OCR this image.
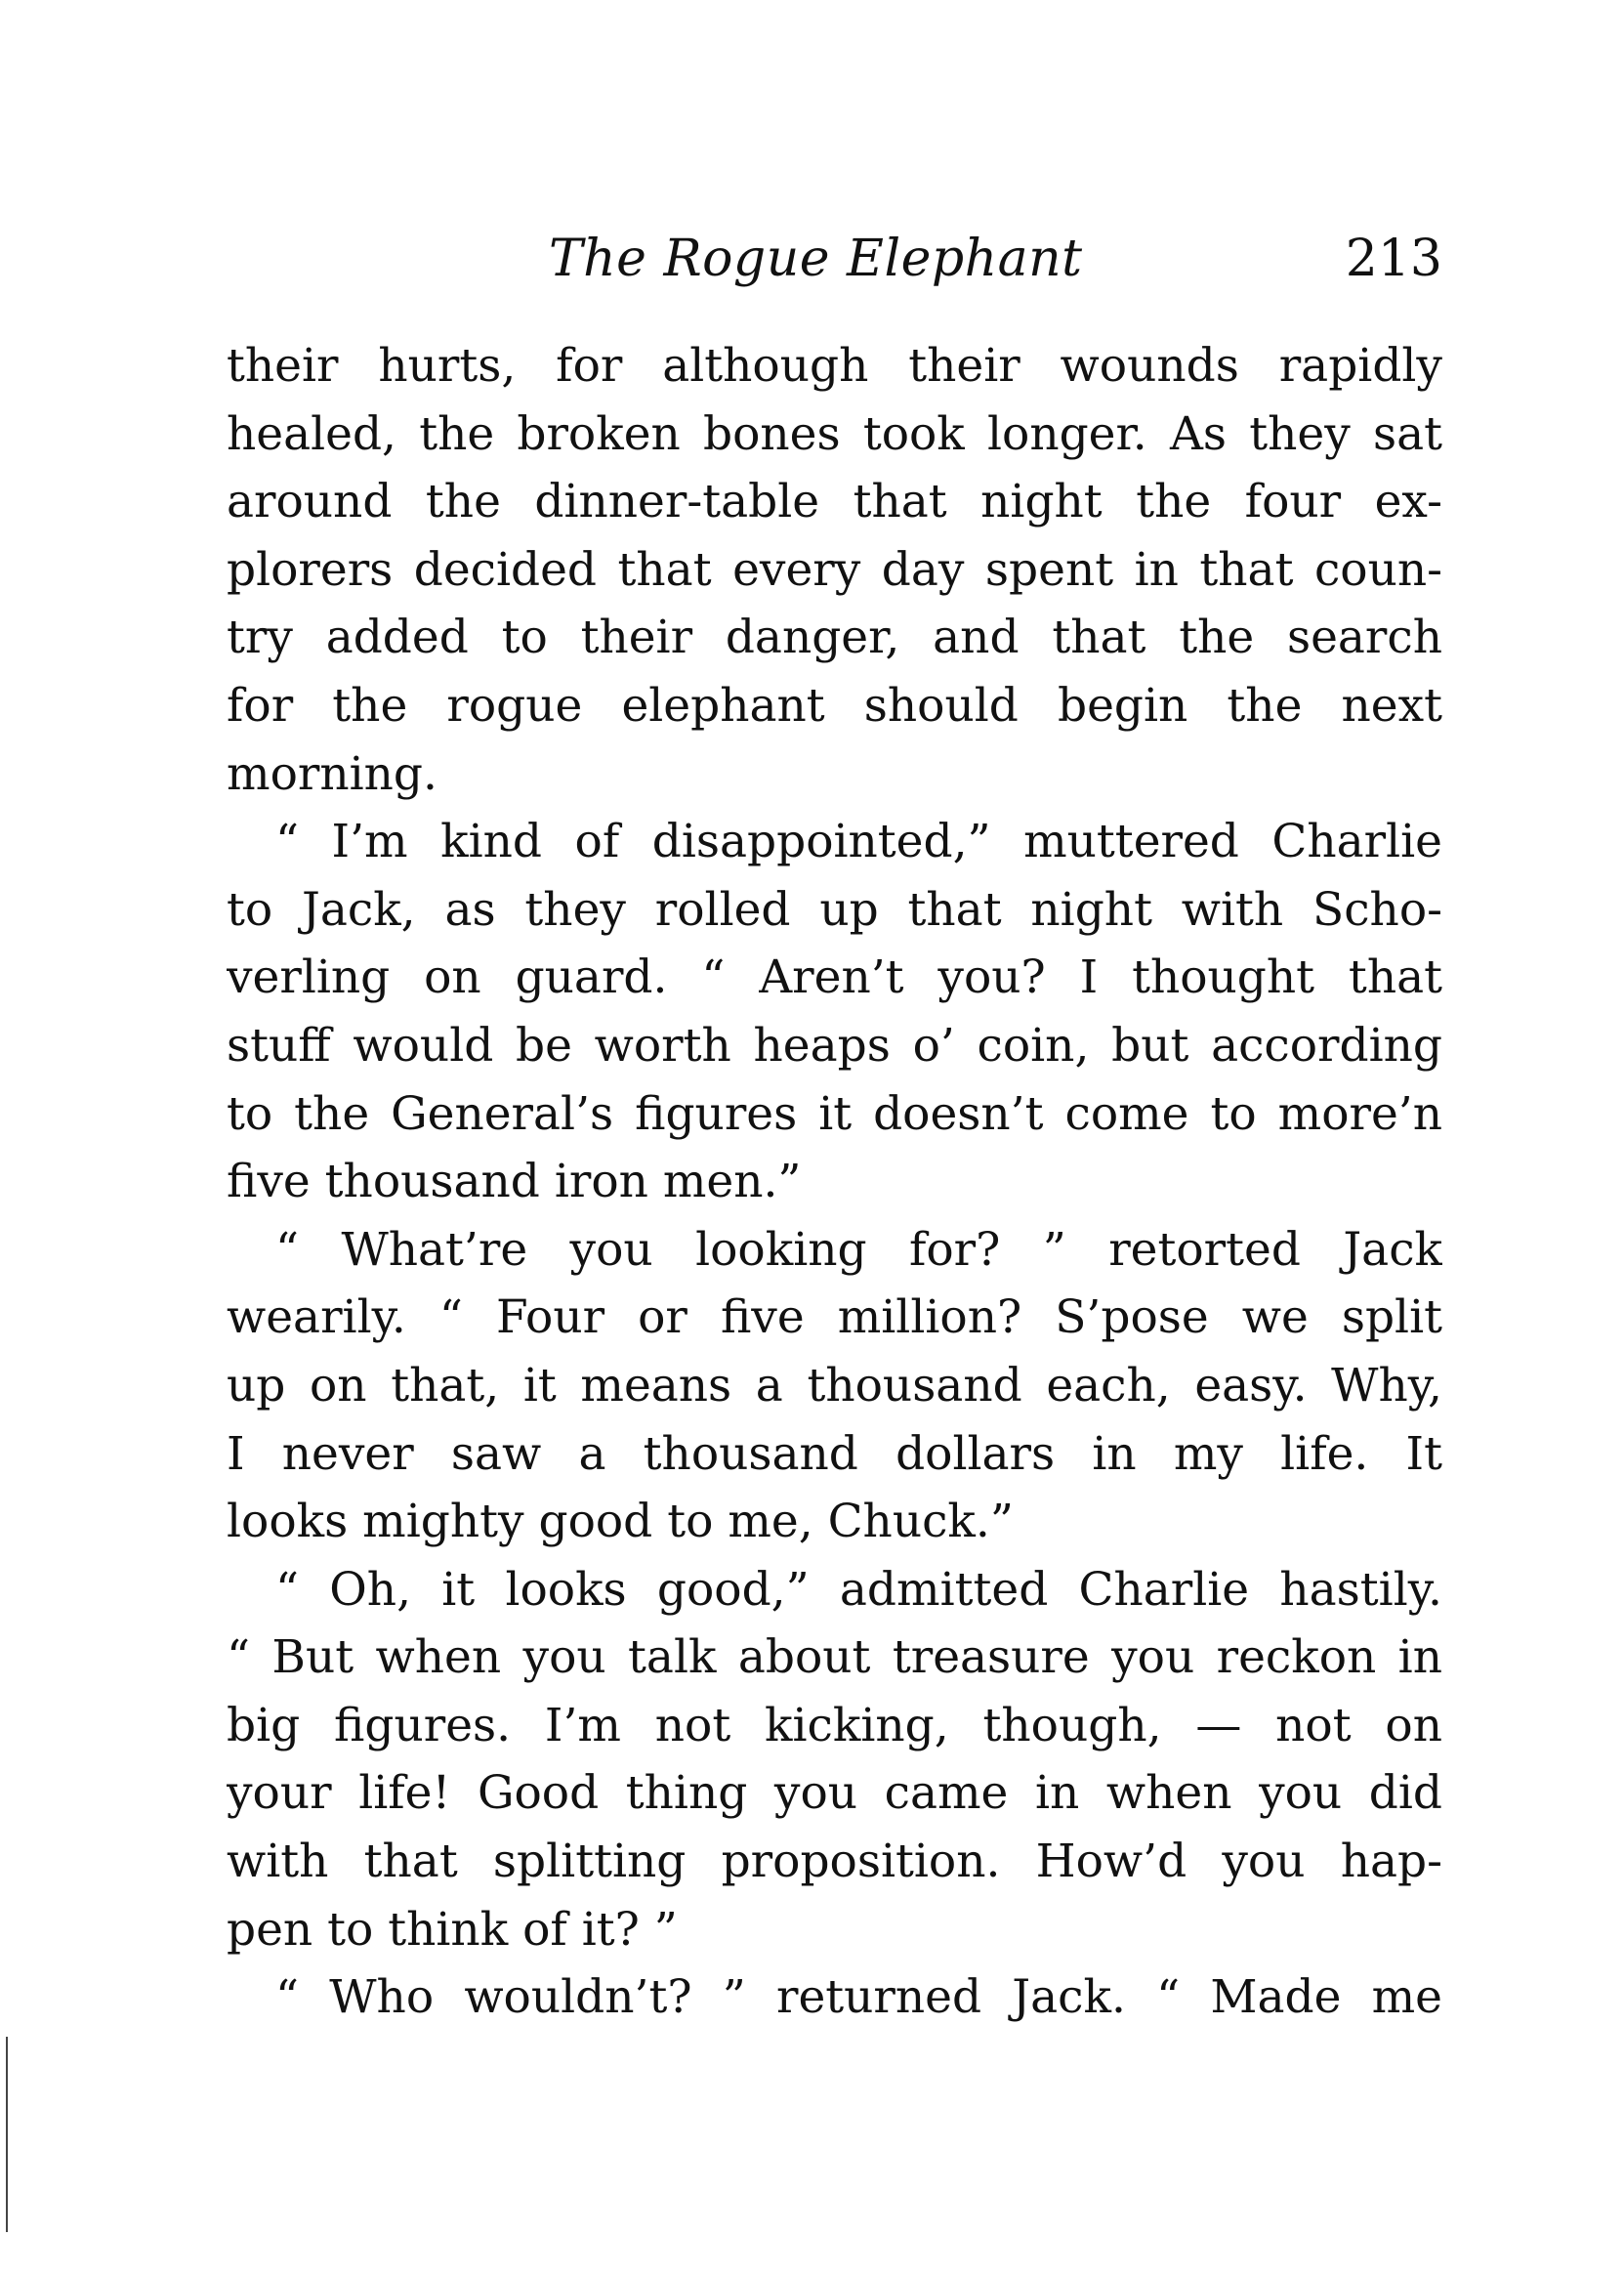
The Rogue Elephant	213
their hurts, for although their wounds rapidly
healed, the broken bones took longer. As they sat
around the dinner-table that night the four ex-
plorers decided that every day spent in that coun-
try added to their danger, and that the search
for the rogue elephant should begin the next
morning.
“ I’m kind of disappointed,” muttered Charlie
to Jack, as they rolled up that night with Scho-
verling on guard. “ Aren’t you? I thought that
stuff would be worth heaps o’ coin, but according
to the General’s figures it doesn’t come to more’n
five thousand iron men.”
“ What’re you looking for? ” retorted Jack
wearily. “ Four or five million? S’pose we split
up on that, it means a thousand each, easy. Why,
I never saw a thousand dollars in my life. It
looks mighty good to me, Chuck.”
“ Oh, it looks good,” admitted Charlie hastily.
“ But when you talk about treasure you reckon in
big figures. I’m not kicking, though, — not on
your life! Good thing you came in when you did
with that splitting proposition. How’d you hap-
pen to think of it? ”
“ Who wouldn’t? ” returned Jack. “ Made me
